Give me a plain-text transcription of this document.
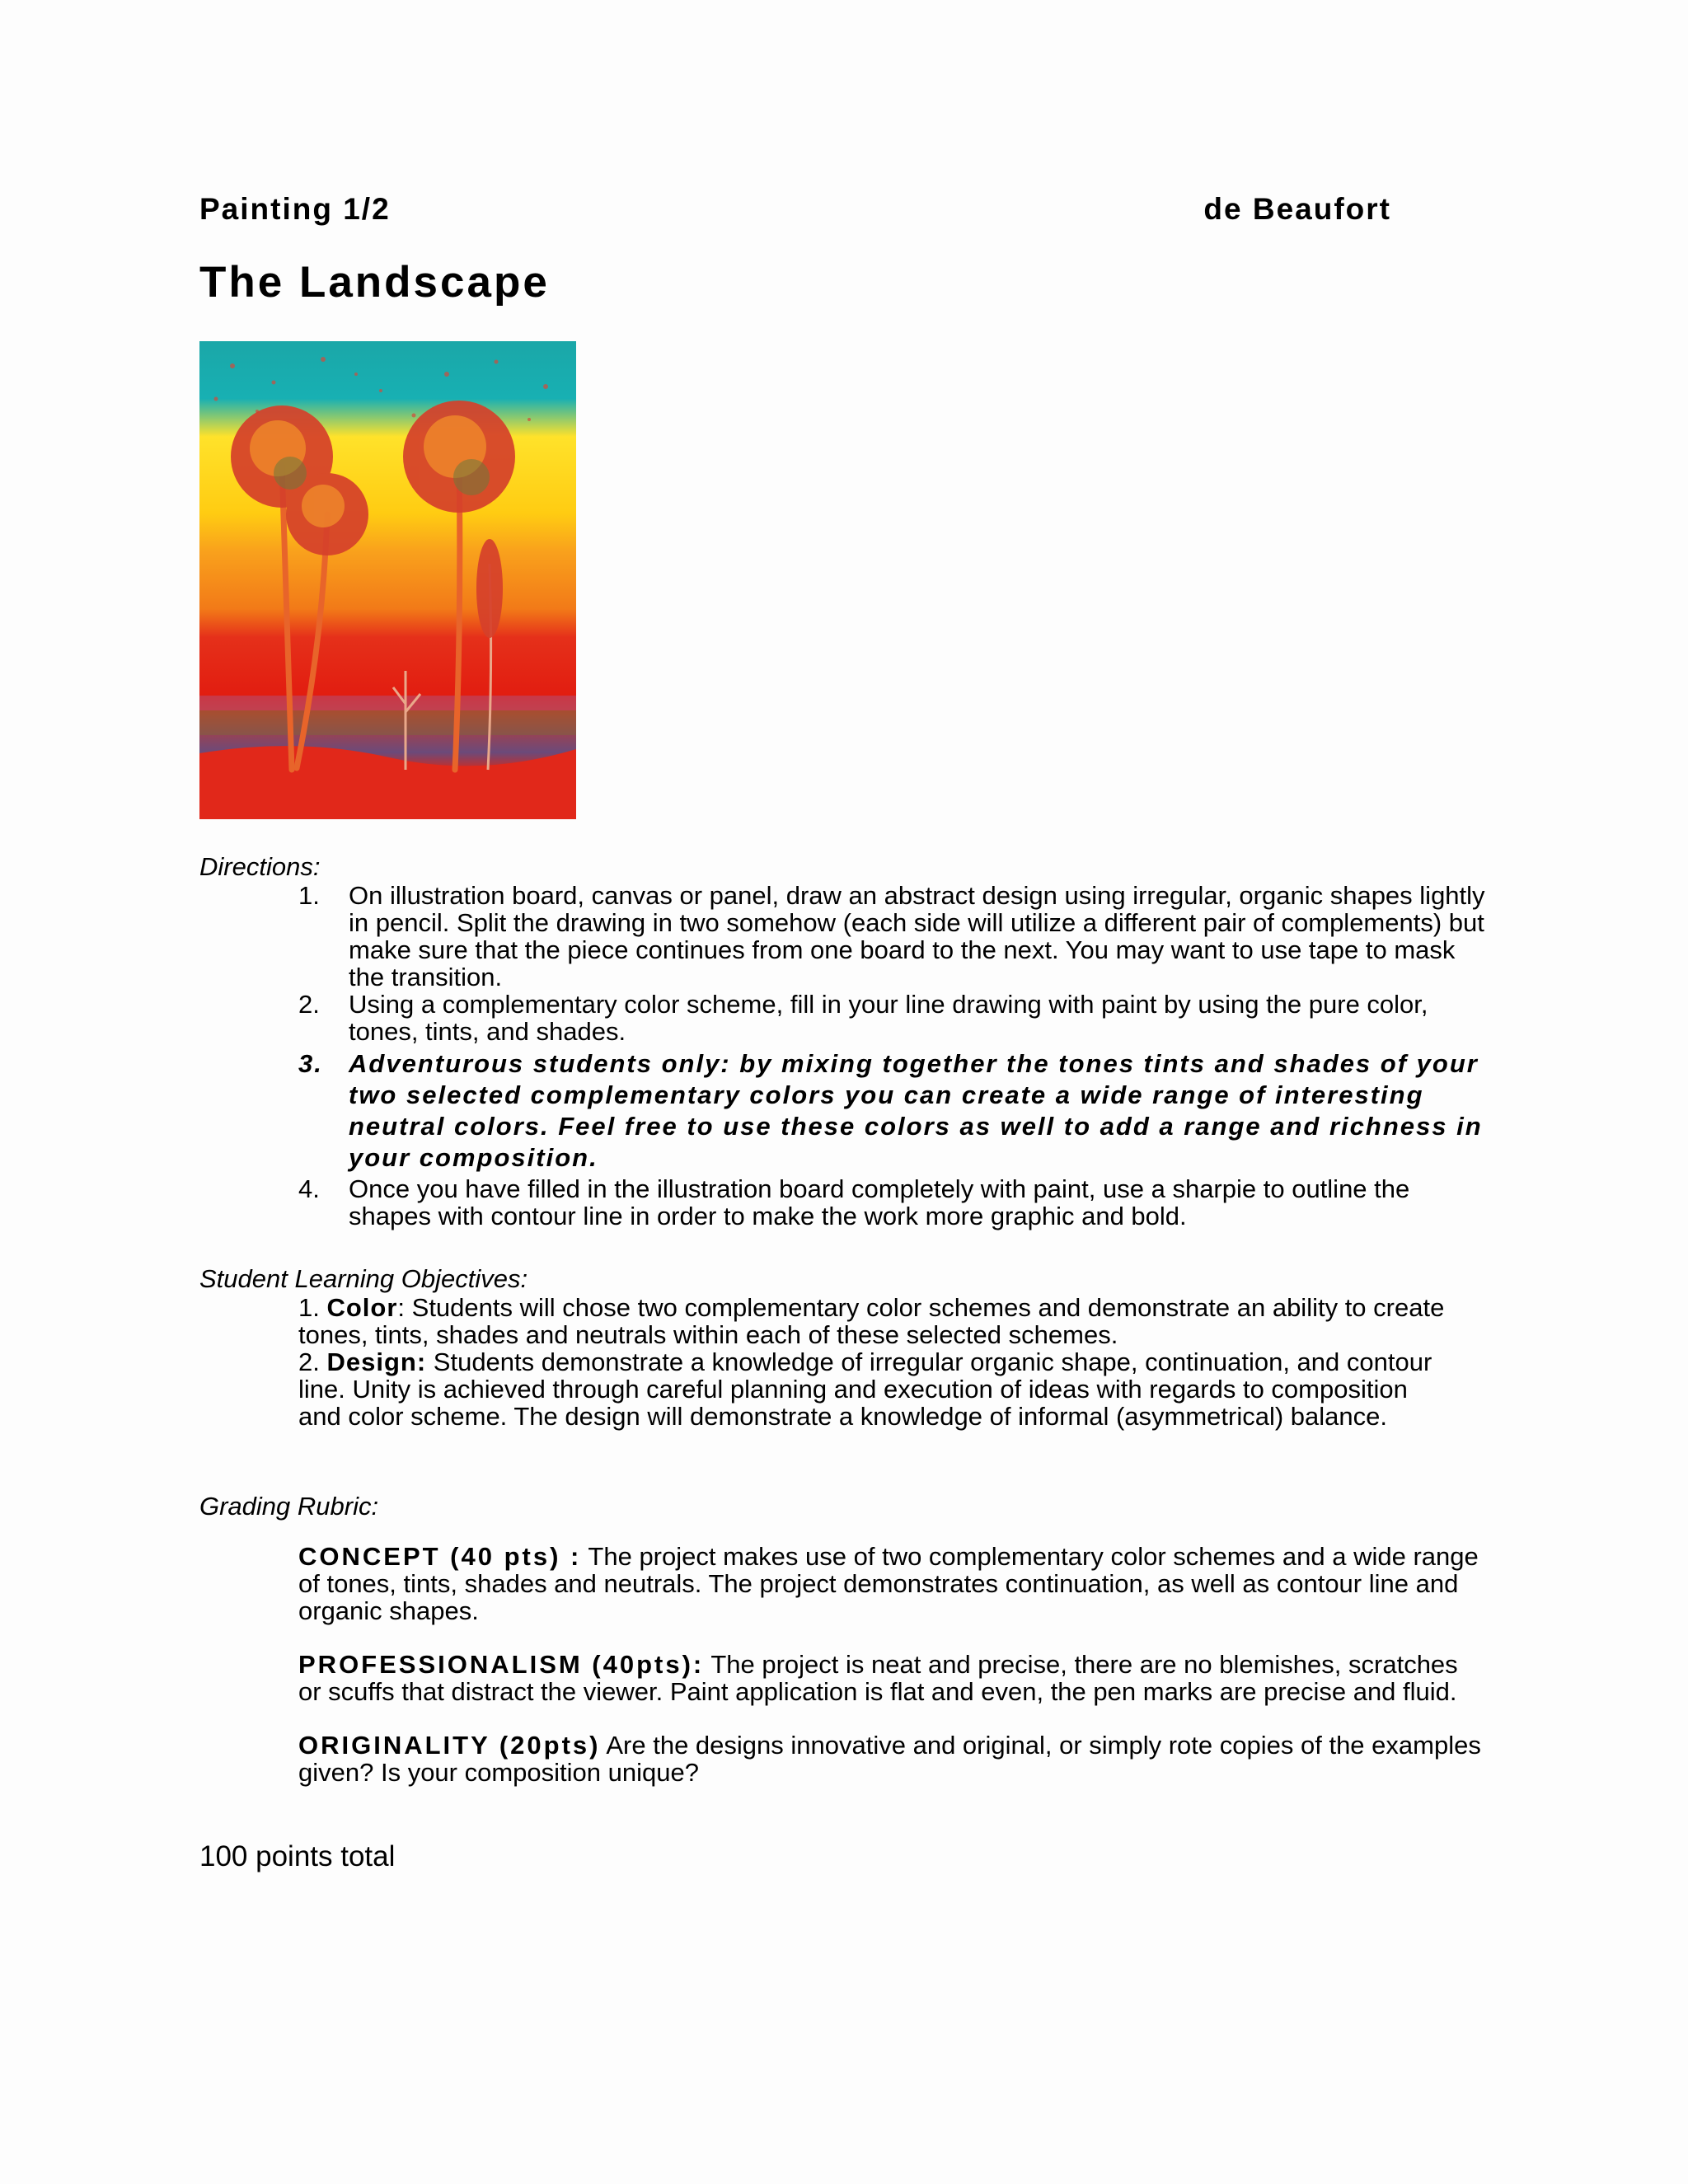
Painting 1/2	de Beaufort
The Landscape
Directions:
1. On illustration board, canvas or panel, draw an abstract design using irregular, organic shapes lightly in pencil. Split the drawing in two somehow (each side will utilize a different pair of complements) but make sure that the piece continues from one board to the next. You may want to use tape to mask the transition.
2. Using a complementary color scheme, fill in your line drawing with paint by using the pure color, tones, tints, and shades.
3. Adventurous students only: by mixing together the tones tints and shades of your two selected complementary colors you can create a wide range of interesting neutral colors. Feel free to use these colors as well to add a range and richness in your composition.
4. Once you have filled in the illustration board completely with paint, use a sharpie to outline the shapes with contour line in order to make the work more graphic and bold.
Student Learning Objectives:
1. Color: Students will chose two complementary color schemes and demonstrate an ability to create tones, tints, shades and neutrals within each of these selected schemes.
2. Design: Students demonstrate a knowledge of irregular organic shape, continuation, and contour line. Unity is achieved through careful planning and execution of ideas with regards to composition and color scheme. The design will demonstrate a knowledge of informal (asymmetrical) balance.
Grading Rubric:
CONCEPT (40 pts) : The project makes use of two complementary color schemes and a wide range of tones, tints, shades and neutrals. The project demonstrates continuation, as well as contour line and organic shapes.
PROFESSIONALISM (40pts): The project is neat and precise, there are no blemishes, scratches or scuffs that distract the viewer. Paint application is flat and even, the pen marks are precise and fluid.
ORIGINALITY (20pts) Are the designs innovative and original, or simply rote copies of the examples given? Is your composition unique?
100 points total
